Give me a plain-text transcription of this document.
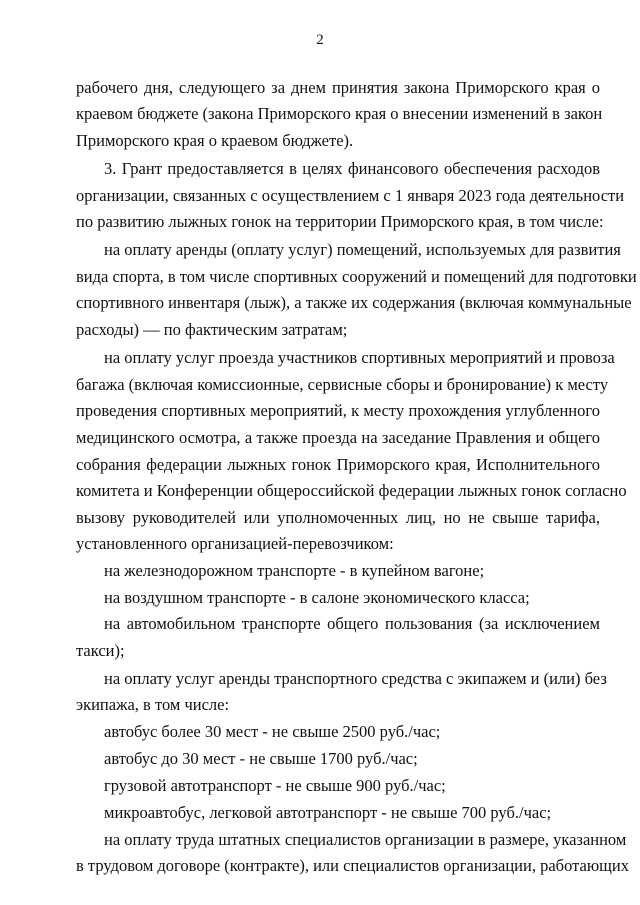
2
рабочего дня, следующего за днем принятия закона Приморского края о
краевом бюджете (закона Приморского края о внесении изменений в закон
Приморского края о краевом бюджете).
3. Грант предоставляется в целях финансового обеспечения расходов
организации, связанных с осуществлением с 1 января 2023 года деятельности
по развитию лыжных гонок на территории Приморского края, в том числе:
на оплату аренды (оплату услуг) помещений, используемых для развития
вида спорта, в том числе спортивных сооружений и помещений для подготовки
спортивного инвентаря (лыж), а также их содержания (включая коммунальные
расходы) — по фактическим затратам;
на оплату услуг проезда участников спортивных мероприятий и провоза
багажа (включая комиссионные, сервисные сборы и бронирование) к месту
проведения спортивных мероприятий, к месту прохождения углубленного
медицинского осмотра, а также проезда на заседание Правления и общего
собрания федерации лыжных гонок Приморского края, Исполнительного
комитета и Конференции общероссийской федерации лыжных гонок согласно
вызову руководителей или уполномоченных лиц, но не свыше тарифа,
установленного организацией-перевозчиком:
на железнодорожном транспорте - в купейном вагоне;
на воздушном транспорте - в салоне экономического класса;
на автомобильном транспорте общего пользования (за исключением
такси);
на оплату услуг аренды транспортного средства с экипажем и (или) без
экипажа, в том числе:
автобус более 30 мест - не свыше 2500 руб./час;
автобус до 30 мест - не свыше 1700 руб./час;
грузовой автотранспорт - не свыше 900 руб./час;
микроавтобус, легковой автотранспорт - не свыше 700 руб./час;
на оплату труда штатных специалистов организации в размере, указанном
в трудовом договоре (контракте), или специалистов организации, работающих
